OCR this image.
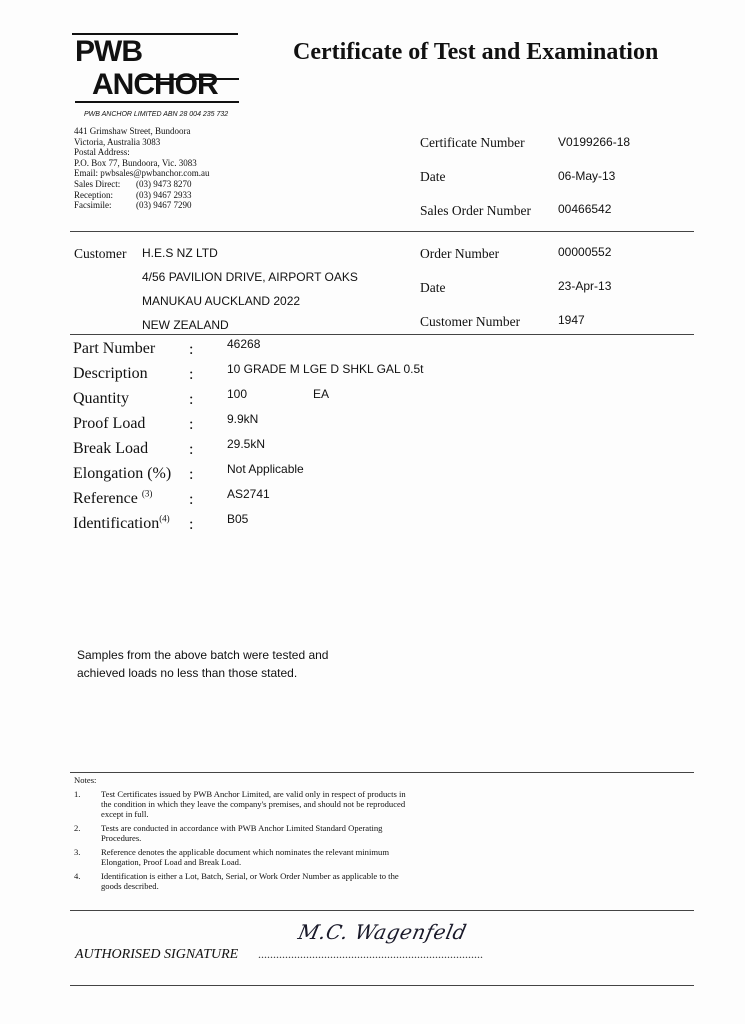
PWB
ANCHOR
PWB ANCHOR LIMITED ABN 28 004 235 732
Certificate of Test and Examination
441 Grimshaw Street, Bundoora
Victoria, Australia 3083
Postal Address:
P.O. Box 77, Bundoora, Vic. 3083
Email: pwbsales@pwbanchor.com.au
Sales Direct:	(03) 9473 8270
Reception:	(03) 9467 2933
Facsimile:	(03) 9467 7290
Certificate Number	V0199266-18
Date	06-May-13
Sales Order Number 00466542
Customer H.E.S NZ LTD
4/56 PAVILION DRIVE, AIRPORT OAKS
MANUKAU AUCKLAND 2022
NEW ZEALAND
Order Number	00000552
Date	23-Apr-13
Customer Number	1947
Part Number :	46268
Description	:	10 GRADE M LGE D SHKL GAL 0.5t
Quantity	:	100	EA
Proof Load	:	9.9kN
Break Load	:	29.5kN
Elongation (%) :	Not Applicable
Reference $^{(3)}$ :	AS2741
Identification$^{(4)}$ :	B05
Samples from the above batch were tested and
achieved loads no less than those stated.
Notes:
1.	Test Certificates issued by PWB Anchor Limited, are valid only in respect of products in the condition in which they leave the company's premises, and should not be reproduced except in full.
2.	Tests are conducted in accordance with PWB Anchor Limited Standard Operating Procedures.
3.	Reference denotes the applicable document which nominates the relevant minimum Elongation, Proof Load and Break Load.
4.	Identification is either a Lot, Batch, Serial, or Work Order Number as applicable to the goods described.
M.C. Wagenfeld
AUTHORISED SIGNATURE ...........................................................................
